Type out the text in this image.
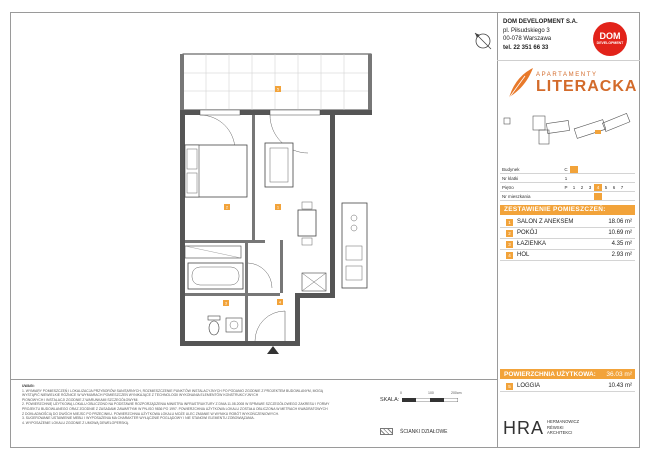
1
2
3	4
5
DOM DEVELOPMENT S.A.
pl. Piłsudskiego 3
00-078 Warszawa
tel. 22 351 66 33
DOM
DEVELOPMENT
APARTAMENTY
LITERACKA
Budynek	C
Nr klatki	1
Piętro	P	1	2	3	4	5	6	7
Nr mieszkania
ZESTAWIENIE POMIESZCZEŃ:
1	SALON Z ANEKSEM	18.06 m²
2	POKÓJ	10.69 m²
3	ŁAZIENKA	4.35 m²
4	HOL	2.93 m²
POWIERZCHNIA UŻYTKOWA: 36.03 m²
5	LOGGIA	10.43 m²
UWAGI:
1. WYMIARY POMIESZCZEŃ I LOKALIZACJA PRZYBORÓW SANITARNYCH, ROZMIESZCZENIE PUNKTÓW INSTALACYJNYCH PO PODANIO ZGODNIE Z PROJEKTEM BUDOWLANYM, MOGĄ
WYSTĄPIĆ NIEWIELKIE RÓŻNICE W WYMIARACH POMIESZCZEŃ WYNIKAJĄCE Z TECHNOLOGII WYKONANIA ELEMENTÓW KONSTRUKCYJNYCH
PIONOWYCH I INSTALACJI ZGODNIE Z WARUNKAMI SZCZEGÓŁOWYMI.
2. POWIERZCHNIĘ UŻYTKOWĄ LOKALU OBLICZONO NA PODSTAWIE ROZPORZĄDZENIA MINISTRA INFRASTRUKTURY Z DNIA 11.08.2008 W SPRAWIE SZCZEGÓŁOWEGO ZAKRESU I FORMY
PROJEKTU BUDOWLANEGO ORAZ ZGODNIE Z ZASADAMI ZAWARTYMI W PN-ISO 9836 PO 1997. POWIERZCHNIA UŻYTKOWA LOKALU ZOSTAŁA OBLICZONA W METRACH KWADRATOWYCH
Z DOKŁADNOŚCIĄ DO DWÓCH MIEJSC PO PRZECINKU. POWIERZCHNIA UŻYTKOWA LOKALU MOŻE ULEC ZMIANIE W WYNIKU ROBÓT WYKOŃCZENIOWYCH.
3. SUGEROWANE USTAWIENIE MEBLI I WYPOSAŻENIA MA CHARAKTER WYŁĄCZNIE POGLĄDOWY I NIE STANOWI ELEMENTU ZOBOWIĄZANIA.
4. WYPOSAŻENIE LOKALU ZGODNIE Z UMOWĄ DEWELOPERSKĄ.
SKALA:
0	100	200cm
ŚCIANKI DZIAŁOWE	HRA HERMANOWICZ
RÉWSKI
ARCHITEKCI
